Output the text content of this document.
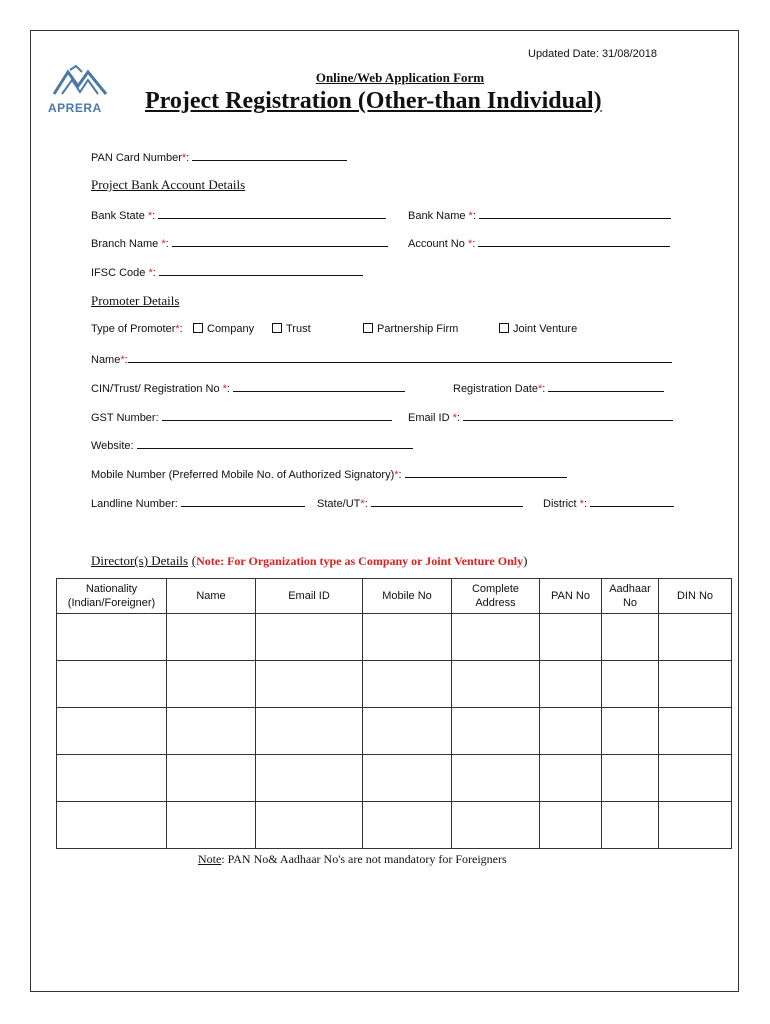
Updated Date: 31/08/2018
APRERA
Online/Web Application Form
Project Registration (Other-than Individual)
PAN Card Number*:
Project Bank Account Details
Bank State *:	Bank Name *:
Branch Name *:	Account No *:
IFSC Code *:
Promoter Details
Type of Promoter*:	Company	Trust	Partnership Firm	Joint Venture
Name*:
CIN/Trust/ Registration No *:	Registration Date*:
GST Number:	Email ID *:
Website:
Mobile Number (Preferred Mobile No. of Authorized Signatory)*:
Landline Number:	State/UT*:	District *:
Director(s) Details (Note: For Organization type as Company or Joint Venture Only)
Nationality (Indian/Foreigner)	Name	Email ID	Mobile No	Complete Address	PAN No	Aadhaar No	DIN No

Note: PAN No& Aadhaar No's are not mandatory for Foreigners
